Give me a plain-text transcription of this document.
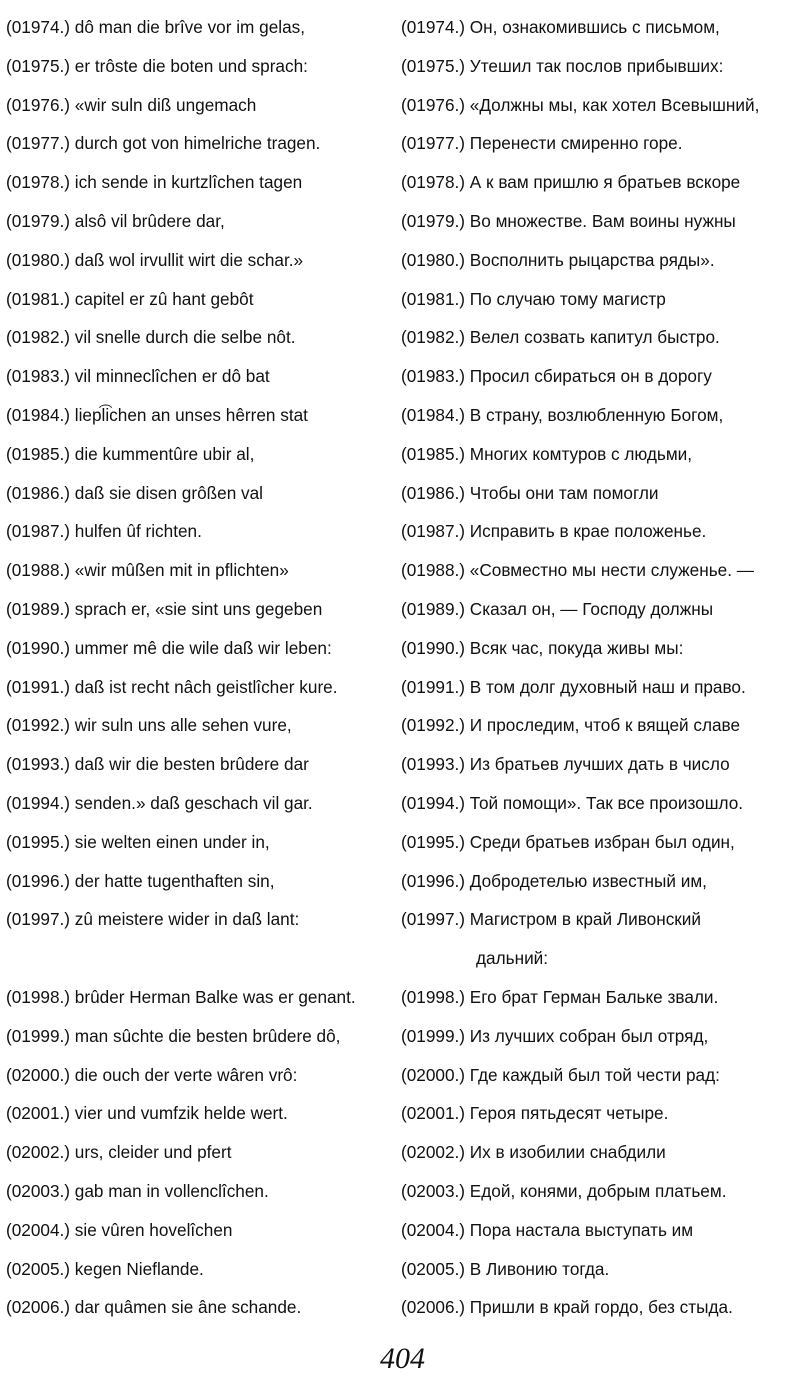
(01974.) dô man die brîve vor im gelas,	(01974.) Он, ознакомившись с письмом,
(01975.) er trôste die boten und sprach:	(01975.) Утешил так послов прибывших:
(01976.) «wir suln diß ungemach	(01976.) «Должны мы, как хотел Всевышний,
(01977.) durch got von himelriche tragen.	(01977.) Перенести смиренно горе.
(01978.) ich sende in kurtzlîchen tagen	(01978.) А к вам пришлю я братьев вскоре
(01979.) alsô vil brûdere dar,	(01979.) Во множестве. Вам воины нужны
(01980.) daß wol irvullit wirt die schar.»	(01980.) Восполнить рыцарства ряды».
(01981.) capitel er zû hant gebôt	(01981.) По случаю тому магистр
(01982.) vil snelle durch die selbe nôt.	(01982.) Велел созвать капитул быстро.
(01983.) vil minneclîchen er dô bat	(01983.) Просил сбираться он в дорогу
(01984.) liepl͡ichen an unses hêrren stat	(01984.) В страну, возлюбленную Богом,
(01985.) die kummentûre ubir al,	(01985.) Многих комтуров с людьми,
(01986.) daß sie disen grôßen val	(01986.) Чтобы они там помогли
(01987.) hulfen ûf richten.	(01987.) Исправить в крае положенье.
(01988.) «wir mûßen mit in pflichten»	(01988.) «Совместно мы нести служенье. —
(01989.) sprach er, «sie sint uns gegeben	(01989.) Сказал он, — Господу должны
(01990.) ummer mê die wile daß wir leben:	(01990.) Всяк час, покуда живы мы:
(01991.) daß ist recht nâch geistlîcher kure.	(01991.) В том долг духовный наш и право.
(01992.) wir suln uns alle sehen vure,	(01992.) И проследим, чтоб к вящей славе
(01993.) daß wir die besten brûdere dar	(01993.) Из братьев лучших дать в число
(01994.) senden.» daß geschach vil gar.	(01994.) Той помощи». Так все произошло.
(01995.) sie welten einen under in,	(01995.) Среди братьев избран был один,
(01996.) der hatte tugenthaften sin,	(01996.) Добродетелью известный им,
(01997.) zû meistere wider in daß lant:	(01997.) Магистром в край Ливонский
дальний:
(01998.) brûder Herman Balke was er genant.	(01998.) Его брат Герман Бальке звали.
(01999.) man sûchte die besten brûdere dô,	(01999.) Из лучших собран был отряд,
(02000.) die ouch der verte wâren vrô:	(02000.) Где каждый был той чести рад:
(02001.) vier und vumfzik helde wert.	(02001.) Героя пятьдесят четыре.
(02002.) urs, cleider und pfert	(02002.) Их в изобилии снабдили
(02003.) gab man in vollenclîchen.	(02003.) Едой, конями, добрым платьем.
(02004.) sie vûren hovelîchen	(02004.) Пора настала выступать им
(02005.) kegen Nieflande.	(02005.) В Ливонию тогда.
(02006.) dar quâmen sie âne schande.	(02006.) Пришли в край гордо, без стыда.
404
